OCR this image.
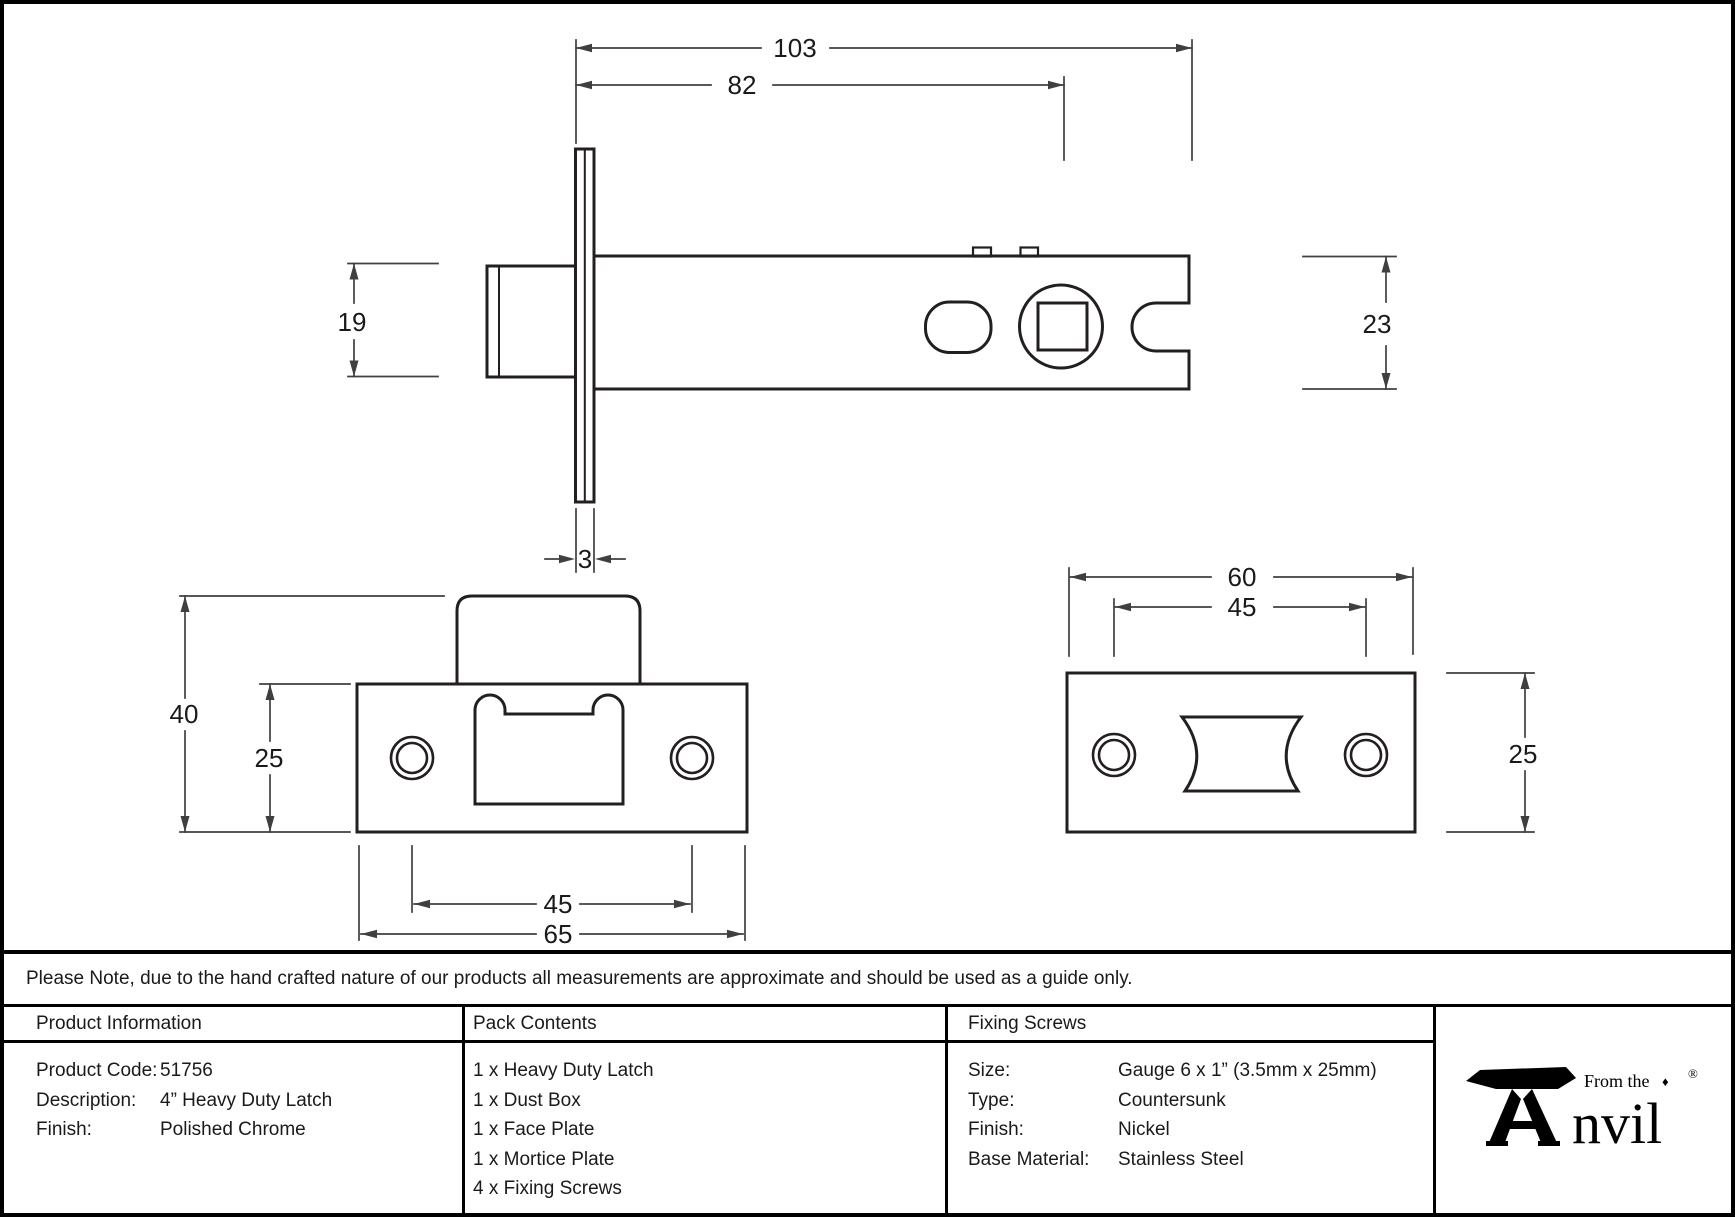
103
82
19
3
23
40
25
45
65
60
45
25
Please Note, due to the hand crafted nature of our products all measurements are approximate and should be used as a guide only.
Product Information
Product Code: 51756
Description:	4” Heavy Duty Latch
Finish:	Polished Chrome
Pack Contents
1 x Heavy Duty Latch
1 x Dust Box
1 x Face Plate
1 x Mortice Plate
4 x Fixing Screws
Fixing Screws
Size:	Gauge 6 x 1” (3.5mm x 25mm)
Type:	Countersunk
Finish:	Nickel
Base Material:	Stainless Steel
From the ♦
®
nvil
